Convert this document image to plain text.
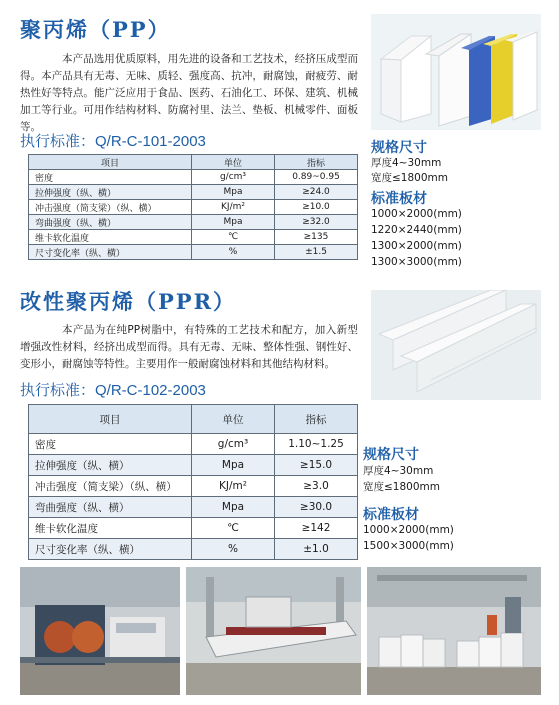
聚丙烯（PP）
本产品选用优质原料，用先进的设备和工艺技术，经挤压成型而得。本产品具有无毒、无味、质轻、强度高、抗冲，耐腐蚀，耐疲劳、耐热性好等特点。能广泛应用于食品、医药、石油化工、环保、建筑、机械加工等行业。可用作结构材料、防腐衬里、法兰、垫板、机械零件、面板等。
执行标准：Q/R-C-101-2003
项目	单位	指标
密度	g/cm³	0.89~0.95
拉伸强度（纵、横）	Mpa	≥24.0
冲击强度（简支梁）（纵、横）	KJ/m²	≥10.0
弯曲强度（纵、横）	Mpa	≥32.0
维卡软化温度	℃	≥135
尺寸变化率（纵、横）	%	±1.5
规格尺寸
厚度4~30mm
宽度≤1800mm
标准板材
1000×2000(mm)
1220×2440(mm)
1300×2000(mm)
1300×3000(mm)
改性聚丙烯（PPR）
本产品为在纯PP树脂中，有特殊的工艺技术和配方，加入新型增强改性材料，经挤出成型而得。具有无毒、无味、整体性强、钢性好、变形小，耐腐蚀等特性。主要用作一般耐腐蚀材料和其他结构材料。
执行标准：Q/R-C-102-2003
项目	单位	指标
密度	g/cm³	1.10~1.25
拉伸强度（纵、横）	Mpa	≥15.0
冲击强度（简支梁）（纵、横）	KJ/m²	≥3.0
弯曲强度（纵、横）	Mpa	≥30.0
维卡软化温度	℃	≥142
尺寸变化率（纵、横）	%	±1.0
规格尺寸
厚度4~30mm
宽度≤1800mm
标准板材
1000×2000(mm)
1500×3000(mm)
